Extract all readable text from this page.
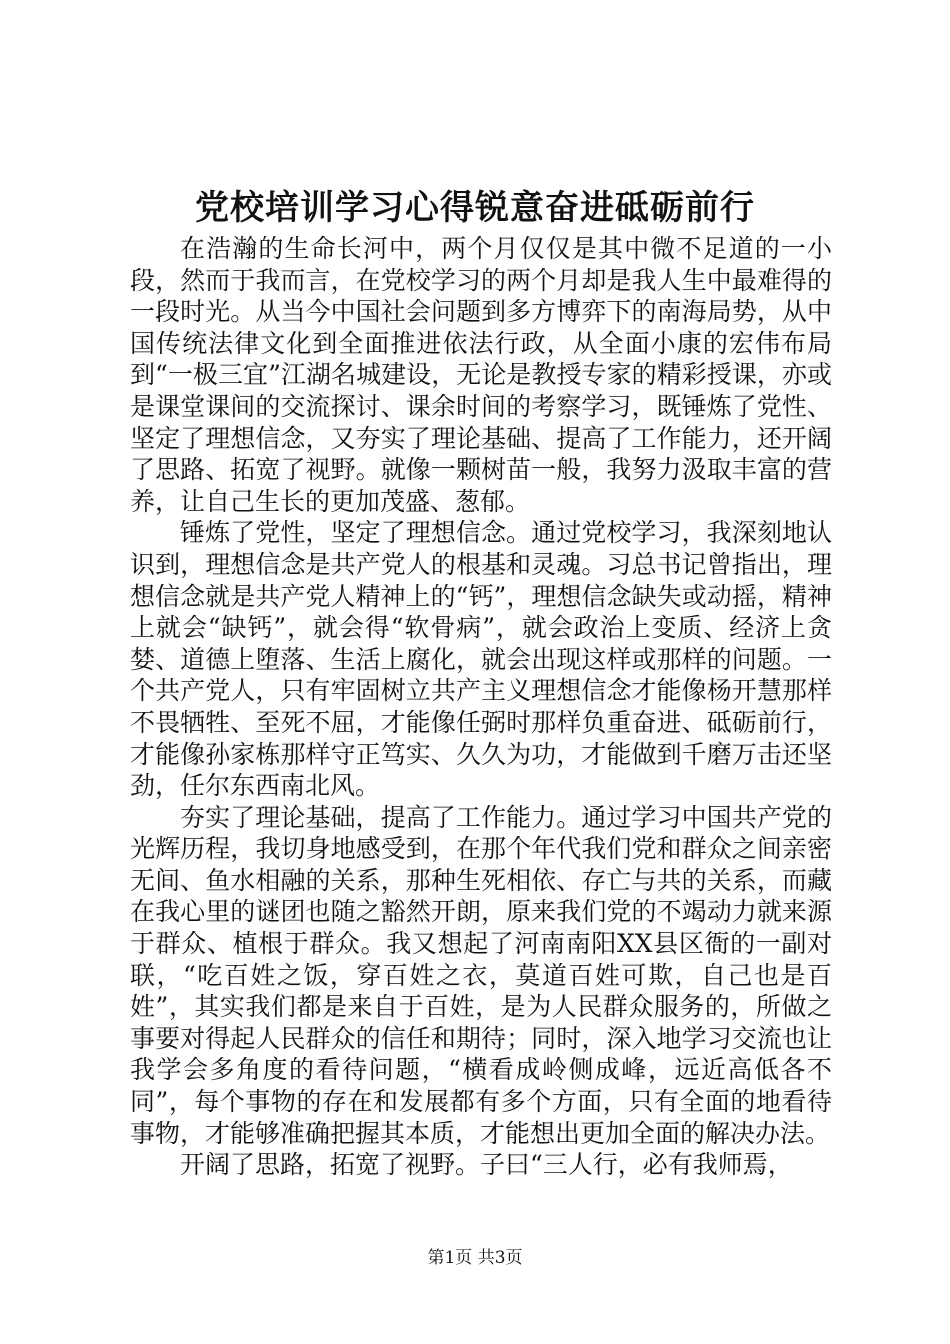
党校培训学习心得锐意奋进砥砺前行

在浩瀚的生命长河中，两个月仅仅是其中微不足道的一小段，然而于我而言，在党校学习的两个月却是我人生中最难得的一段时光。从当今中国社会问题到多方博弈下的南海局势，从中国传统法律文化到全面推进依法行政，从全面小康的宏伟布局到“一极三宜”江湖名城建设，无论是教授专家的精彩授课，亦或是课堂课间的交流探讨、课余时间的考察学习，既锤炼了党性、坚定了理想信念，又夯实了理论基础、提高了工作能力，还开阔了思路、拓宽了视野。就像一颗树苗一般，我努力汲取丰富的营养，让自己生长的更加茂盛、葱郁。

锤炼了党性，坚定了理想信念。通过党校学习，我深刻地认识到，理想信念是共产党人的根基和灵魂。习总书记曾指出，理想信念就是共产党人精神上的“钙”，理想信念缺失或动摇，精神上就会“缺钙”，就会得“软骨病”，就会政治上变质、经济上贪婪、道德上堕落、生活上腐化，就会出现这样或那样的问题。一个共产党人，只有牢固树立共产主义理想信念才能像杨开慧那样不畏牺牲、至死不屈，才能像任弼时那样负重奋进、砥砺前行，才能像孙家栋那样守正笃实、久久为功，才能做到千磨万击还坚劲，任尔东西南北风。

夯实了理论基础，提高了工作能力。通过学习中国共产党的光辉历程，我切身地感受到，在那个年代我们党和群众之间亲密无间、鱼水相融的关系，那种生死相依、存亡与共的关系，而藏在我心里的谜团也随之豁然开朗，原来我们党的不竭动力就来源于群众、植根于群众。我又想起了河南南阳XX县区衙的一副对联，“吃百姓之饭，穿百姓之衣，莫道百姓可欺，自己也是百姓”，其实我们都是来自于百姓，是为人民群众服务的，所做之事要对得起人民群众的信任和期待；同时，深入地学习交流也让我学会多角度的看待问题，“横看成岭侧成峰，远近高低各不同”，每个事物的存在和发展都有多个方面，只有全面的地看待事物，才能够准确把握其本质，才能想出更加全面的解决办法。

开阔了思路，拓宽了视野。子曰“三人行，必有我师焉，

第1页 共3页
